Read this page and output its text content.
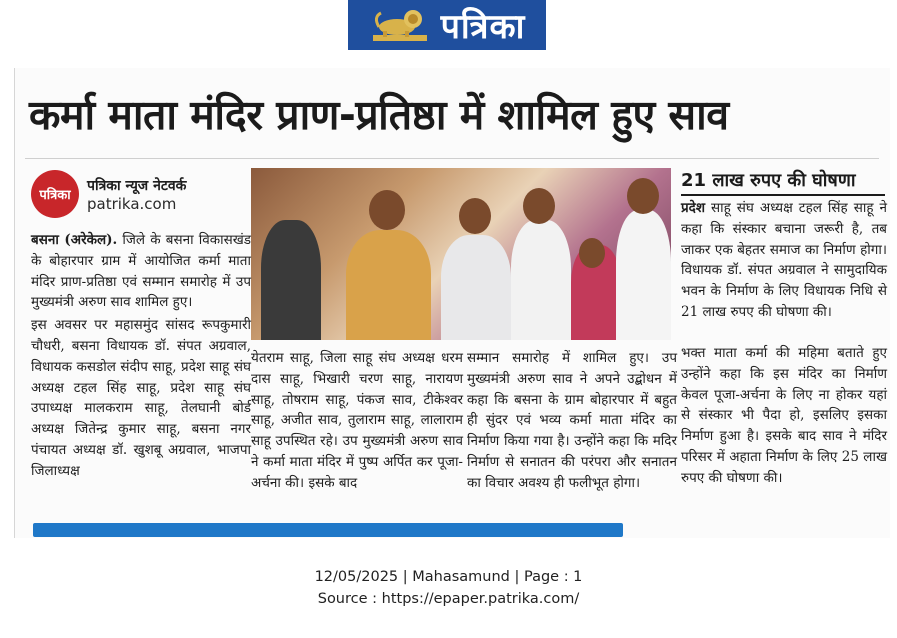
पत्रिका
कर्मा माता मंदिर प्राण-प्रतिष्ठा में शामिल हुए साव
पत्रिका
पत्रिका न्यूज नेटवर्क
patrika.com

बसना (अरेकेल). जिले के बसना विकासखंड के बोहारपार ग्राम में आयोजित कर्मा माता मंदिर प्राण-प्रतिष्ठा एवं सम्मान समारोह में उप मुख्यमंत्री अरुण साव शामिल हुए।

इस अवसर पर महासमुंद सांसद रूपकुमारी चौधरी, बसना विधायक डॉ. संपत अग्रवाल, विधायक कसडोल संदीप साहू, प्रदेश साहू संघ अध्यक्ष टहल सिंह साहू, प्रदेश साहू संघ उपाध्यक्ष मालकराम साहू, तेलघानी बोर्ड अध्यक्ष जितेन्द्र कुमार साहू, बसना नगर पंचायत अध्यक्ष डॉ. खुशबू अग्रवाल, भाजपा जिलाध्यक्ष

येतराम साहू, जिला साहू संघ अध्यक्ष धरम दास साहू, भिखारी चरण साहू, नारायण साहू, तोषराम साहू, पंकज साव, टीकेश्वर साहू, अजीत साव, तुलाराम साहू, लालाराम साहू उपस्थित रहे। उप मुख्यमंत्री अरुण साव ने कर्मा माता मंदिर में पुष्प अर्पित कर पूजा-अर्चना की। इसके बाद

सम्मान समारोह में शामिल हुए। उप मुख्यमंत्री अरुण साव ने अपने उद्बोधन में कहा कि बसना के ग्राम बोहारपार में बहुत ही सुंदर एवं भव्य कर्मा माता मंदिर का निर्माण किया गया है। उन्होंने कहा कि मदिर निर्माण से सनातन की परंपरा और सनातन का विचार अवश्य ही फलीभूत होगा।

21 लाख रुपए की घोषणा

प्रदेश साहू संघ अध्यक्ष टहल सिंह साहू ने कहा कि संस्कार बचाना जरूरी है, तब जाकर एक बेहतर समाज का निर्माण होगा। विधायक डॉ. संपत अग्रवाल ने सामुदायिक भवन के निर्माण के लिए विधायक निधि से 21 लाख रुपए की घोषणा की।

भक्त माता कर्मा की महिमा बताते हुए उन्होंने कहा कि इस मंदिर का निर्माण केवल पूजा-अर्चना के लिए ना होकर यहां से संस्कार भी पैदा हो, इसलिए इसका निर्माण हुआ है। इसके बाद साव ने मंदिर परिसर में अहाता निर्माण के लिए 25 लाख रुपए की घोषणा की।

12/05/2025 | Mahasamund | Page : 1
Source : https://epaper.patrika.com/
